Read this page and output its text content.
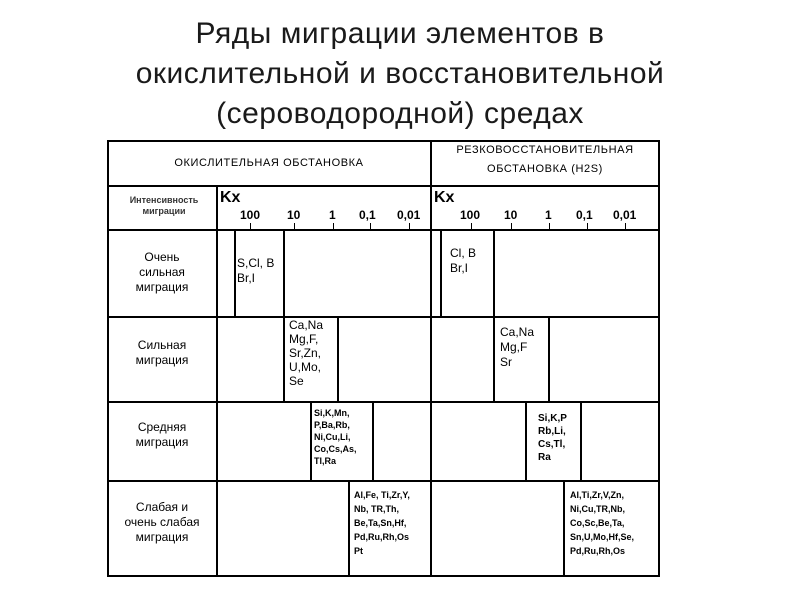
Ряды миграции элементов в
окислительной и восстановительной
(сероводородной) средах
ОКИСЛИТЕЛЬНАЯ ОБСТАНОВКА
РЕЗКОВОССТАНОВИТЕЛЬНАЯ
ОБСТАНОВКА (H2S)
Интенсивность
миграции
Kx	Kx
100 10 1 0,1 0,01	100 10 1 0,1 0,01
Очень
сильная
миграция
Сильная
миграция
Средняя
миграция
Слабая и
очень слабая
миграция
S,Cl, B
Br,I
Ca,Na
Mg,F,
Sr,Zn,
U,Mo,
Se
Si,K,Mn,
P,Ba,Rb,
Ni,Cu,Li,
Co,Cs,As,
Tl,Ra
Al,Fe, Ti,Zr,Y,
Nb, TR,Th,
Be,Ta,Sn,Hf,
Pd,Ru,Rh,Os
Pt
Cl, B
Br,I
Ca,Na
Mg,F
Sr
Si,K,P
Rb,Li,
Cs,Tl,
Ra
Al,Ti,Zr,V,Zn,
Ni,Cu,TR,Nb,
Co,Sc,Be,Ta,
Sn,U,Mo,Hf,Se,
Pd,Ru,Rh,Os
